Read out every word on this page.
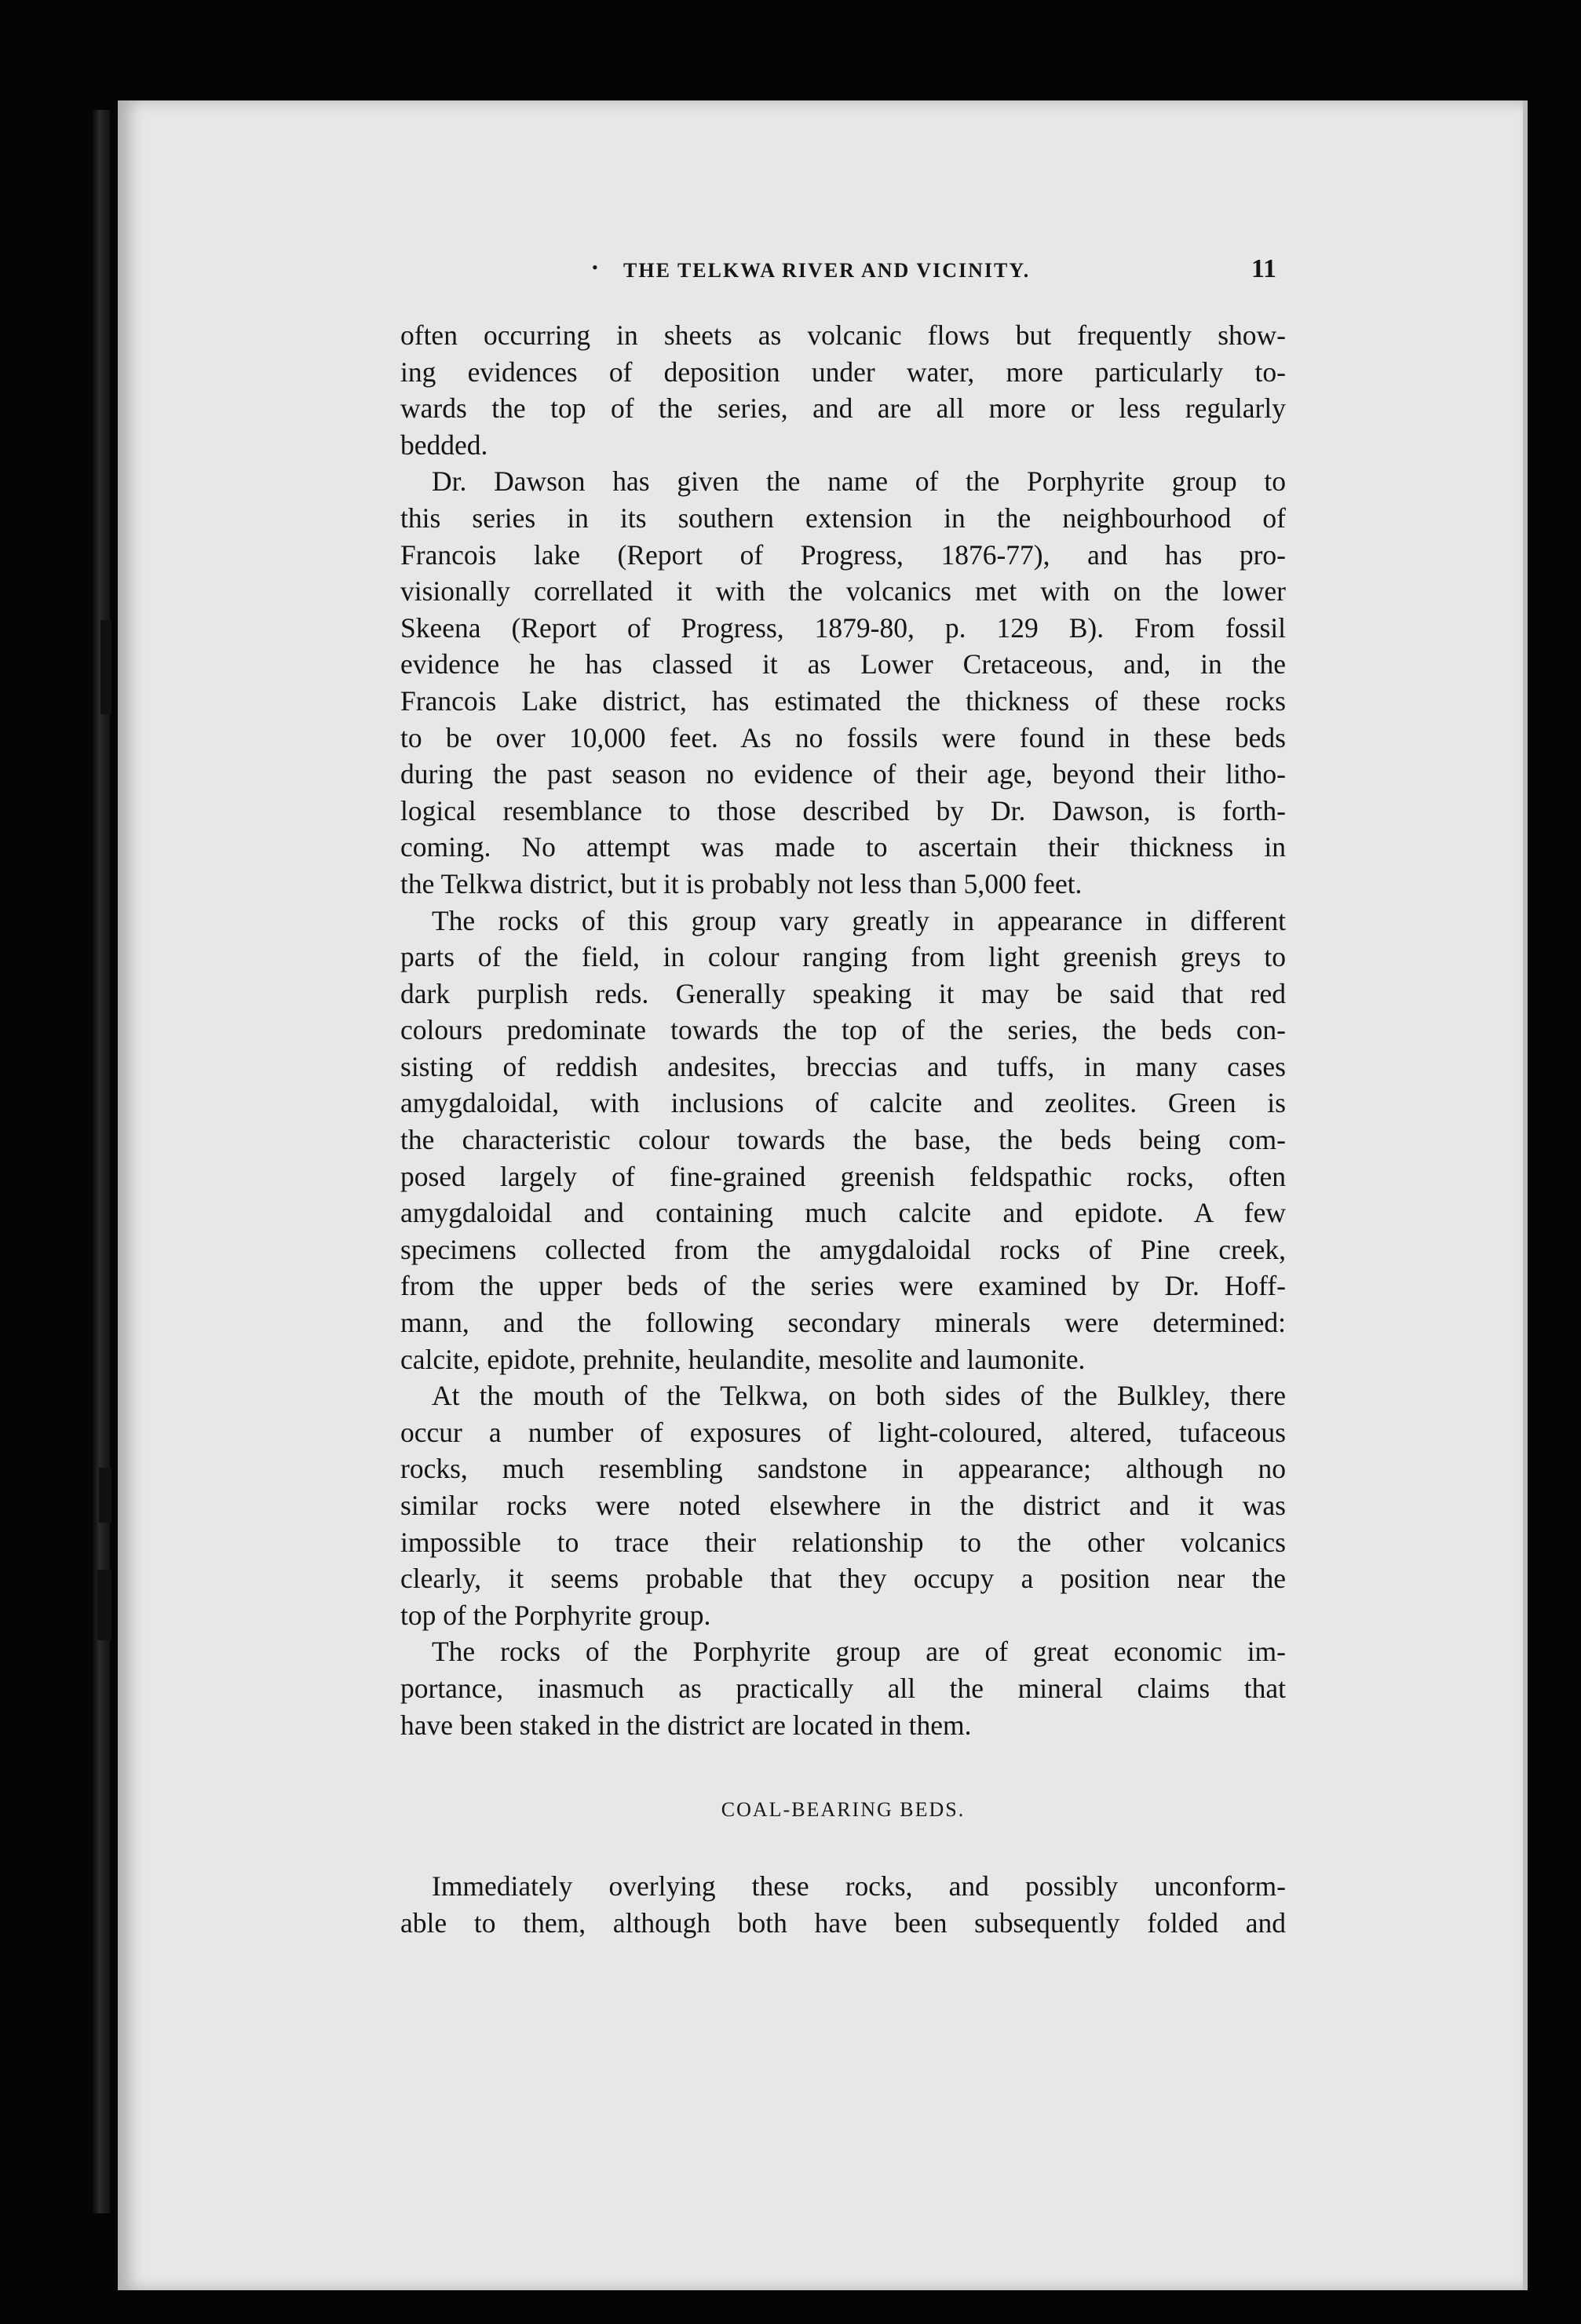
• THE TELKWA RIVER AND VICINITY.	11
often occurring in sheets as volcanic flows but frequently show-
ing evidences of deposition under water, more particularly to-
wards the top of the series, and are all more or less regularly
bedded.
Dr. Dawson has given the name of the Porphyrite group to
this series in its southern extension in the neighbourhood of
Francois lake (Report of Progress, 1876-77), and has pro-
visionally correllated it with the volcanics met with on the lower
Skeena (Report of Progress, 1879-80, p. 129 B). From fossil
evidence he has classed it as Lower Cretaceous, and, in the
Francois Lake district, has estimated the thickness of these rocks
to be over 10,000 feet. As no fossils were found in these beds
during the past season no evidence of their age, beyond their litho-
logical resemblance to those described by Dr. Dawson, is forth-
coming. No attempt was made to ascertain their thickness in
the Telkwa district, but it is probably not less than 5,000 feet.
The rocks of this group vary greatly in appearance in different
parts of the field, in colour ranging from light greenish greys to
dark purplish reds. Generally speaking it may be said that red
colours predominate towards the top of the series, the beds con-
sisting of reddish andesites, breccias and tuffs, in many cases
amygdaloidal, with inclusions of calcite and zeolites. Green is
the characteristic colour towards the base, the beds being com-
posed largely of fine-grained greenish feldspathic rocks, often
amygdaloidal and containing much calcite and epidote. A few
specimens collected from the amygdaloidal rocks of Pine creek,
from the upper beds of the series were examined by Dr. Hoff-
mann, and the following secondary minerals were determined:
calcite, epidote, prehnite, heulandite, mesolite and laumonite.
At the mouth of the Telkwa, on both sides of the Bulkley, there
occur a number of exposures of light-coloured, altered, tufaceous
rocks, much resembling sandstone in appearance; although no
similar rocks were noted elsewhere in the district and it was
impossible to trace their relationship to the other volcanics
clearly, it seems probable that they occupy a position near the
top of the Porphyrite group.
The rocks of the Porphyrite group are of great economic im-
portance, inasmuch as practically all the mineral claims that
have been staked in the district are located in them.
COAL-BEARING BEDS.
Immediately overlying these rocks, and possibly unconform-
able to them, although both have been subsequently folded and
